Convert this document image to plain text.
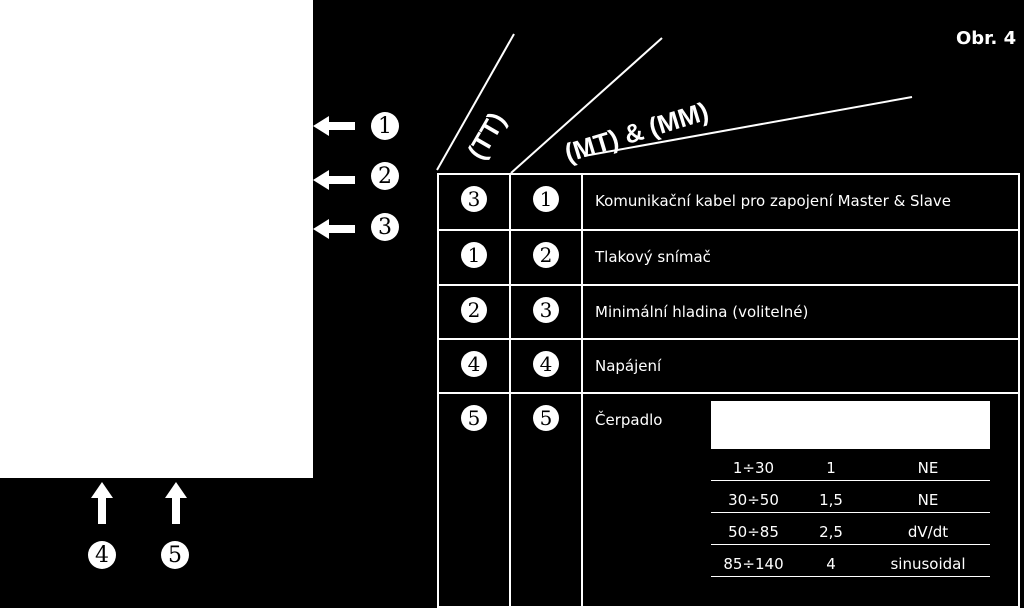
Obr. 4
1
2
3
4	5
(TT) (MT) & (MM)
3	1	Komunikační kabel pro zapojení Master & Slave
1	2	Tlakový snímač
2	3	Minimální hladina (volitelné)
4	4	Napájení
5	5	Čerpadlo
1÷30	1	NE
30÷50	1,5	NE
50÷85	2,5	dV/dt
85÷140	4	sinusoidal
